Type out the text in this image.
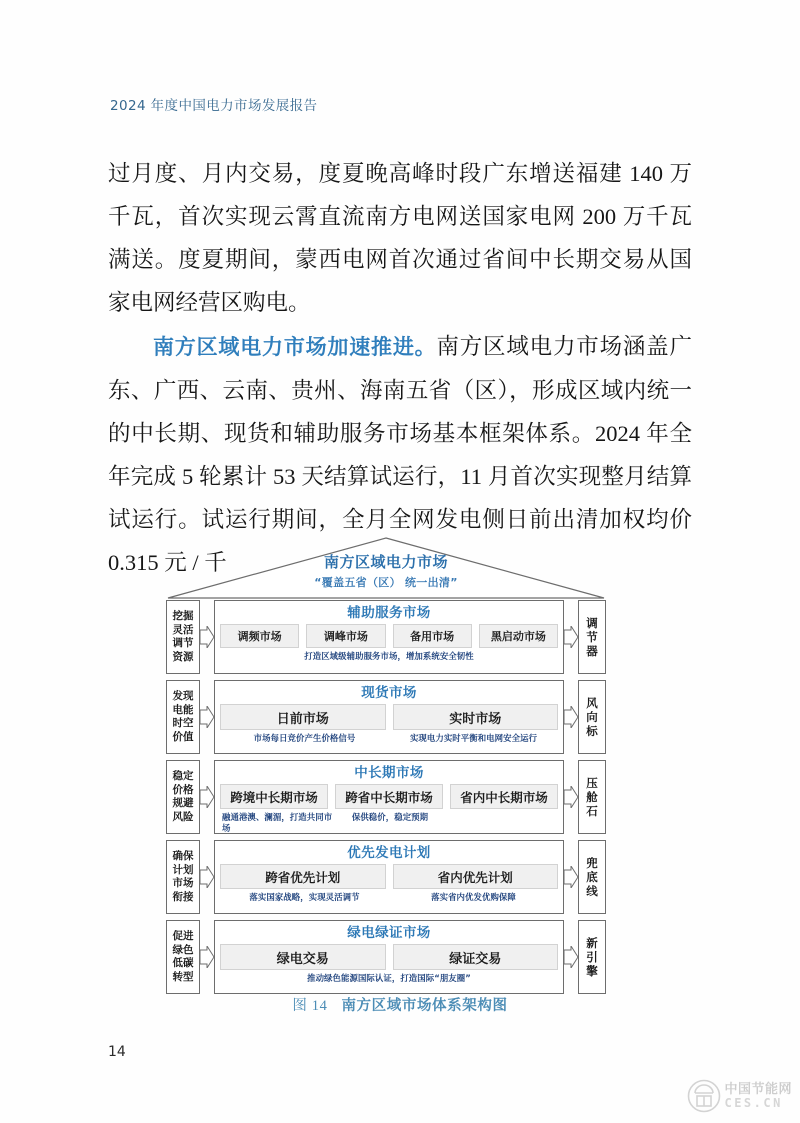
2024 年度中国电力市场发展报告

过月度、月内交易，度夏晚高峰时段广东增送福建 140 万千瓦，首次实现云霄直流南方电网送国家电网 200 万千瓦满送。度夏期间，蒙西电网首次通过省间中长期交易从国家电网经营区购电。

南方区域电力市场加速推进。南方区域电力市场涵盖广东、广西、云南、贵州、海南五省（区），形成区域内统一的中长期、现货和辅助服务市场基本框架体系。2024 年全年完成 5 轮累计 53 天结算试运行，11 月首次实现整月结算试运行。试运行期间，全月全网发电侧日前出清加权均价 0.315 元 / 千	南方区域电力市场
“覆盖五省（区） 统一出清”
挖掘灵活调节资源
辅助服务市场
调频市场	调峰市场	备用市场	黑启动市场
打造区域级辅助服务市场，增加系统安全韧性
调节器
发现电能时空价值
现货市场
日前市场	实时市场
市场每日竞价产生价格信号	实现电力实时平衡和电网安全运行
风向标
稳定价格规避风险
中长期市场
跨境中长期市场	跨省中长期市场	省内中长期市场
融通港澳、澜湄，打造共同市场
保供稳价，稳定预期
压舱石
确保计划市场衔接
优先发电计划
跨省优先计划	省内优先计划
落实国家战略，实现灵活调节	落实省内优发优购保障
兜底线
促进绿色低碳转型
绿电绿证市场
绿电交易	绿证交易
推动绿色能源国际认证，打造国际“朋友圈”
新引擎
图 14 南方区域市场体系架构图
14
中国节能网
CES.CN
